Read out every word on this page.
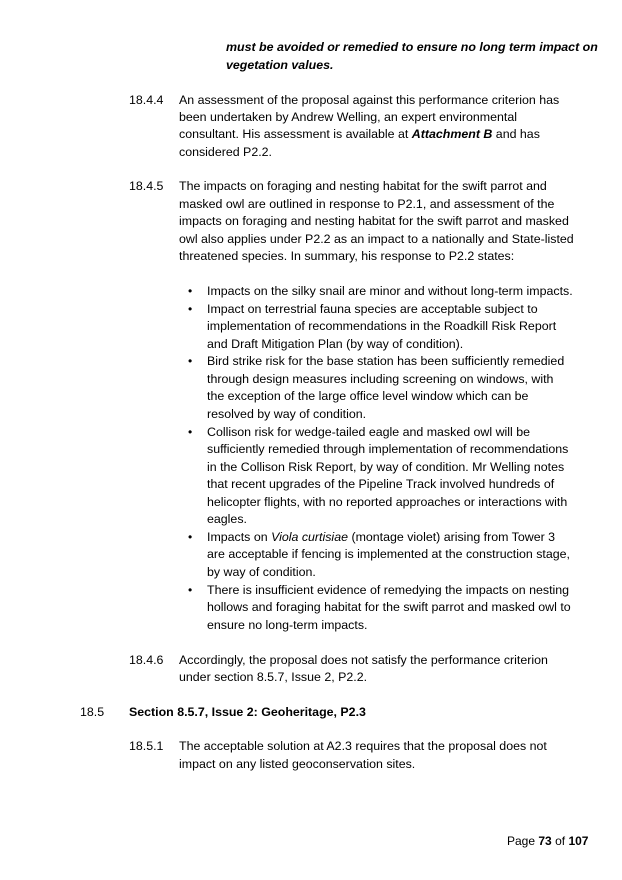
must be avoided or remedied to ensure no long term impact on
vegetation values.
18.4.4 An assessment of the proposal against this performance criterion has
been undertaken by Andrew Welling, an expert environmental
consultant. His assessment is available at Attachment B and has
considered P2.2.
18.4.5 The impacts on foraging and nesting habitat for the swift parrot and
masked owl are outlined in response to P2.1, and assessment of the
impacts on foraging and nesting habitat for the swift parrot and masked
owl also applies under P2.2 as an impact to a nationally and State-listed
threatened species. In summary, his response to P2.2 states:
• Impacts on the silky snail are minor and without long-term impacts.
• Impact on terrestrial fauna species are acceptable subject to
implementation of recommendations in the Roadkill Risk Report
and Draft Mitigation Plan (by way of condition).
• Bird strike risk for the base station has been sufficiently remedied
through design measures including screening on windows, with
the exception of the large office level window which can be
resolved by way of condition.
• Collison risk for wedge-tailed eagle and masked owl will be
sufficiently remedied through implementation of recommendations
in the Collison Risk Report, by way of condition. Mr Welling notes
that recent upgrades of the Pipeline Track involved hundreds of
helicopter flights, with no reported approaches or interactions with
eagles.
• Impacts on Viola curtisiae (montage violet) arising from Tower 3
are acceptable if fencing is implemented at the construction stage,
by way of condition.
• There is insufficient evidence of remedying the impacts on nesting
hollows and foraging habitat for the swift parrot and masked owl to
ensure no long-term impacts.
18.4.6 Accordingly, the proposal does not satisfy the performance criterion
under section 8.5.7, Issue 2, P2.2.
18.5 Section 8.5.7, Issue 2: Geoheritage, P2.3
18.5.1 The acceptable solution at A2.3 requires that the proposal does not
impact on any listed geoconservation sites.
Page 73 of 107
